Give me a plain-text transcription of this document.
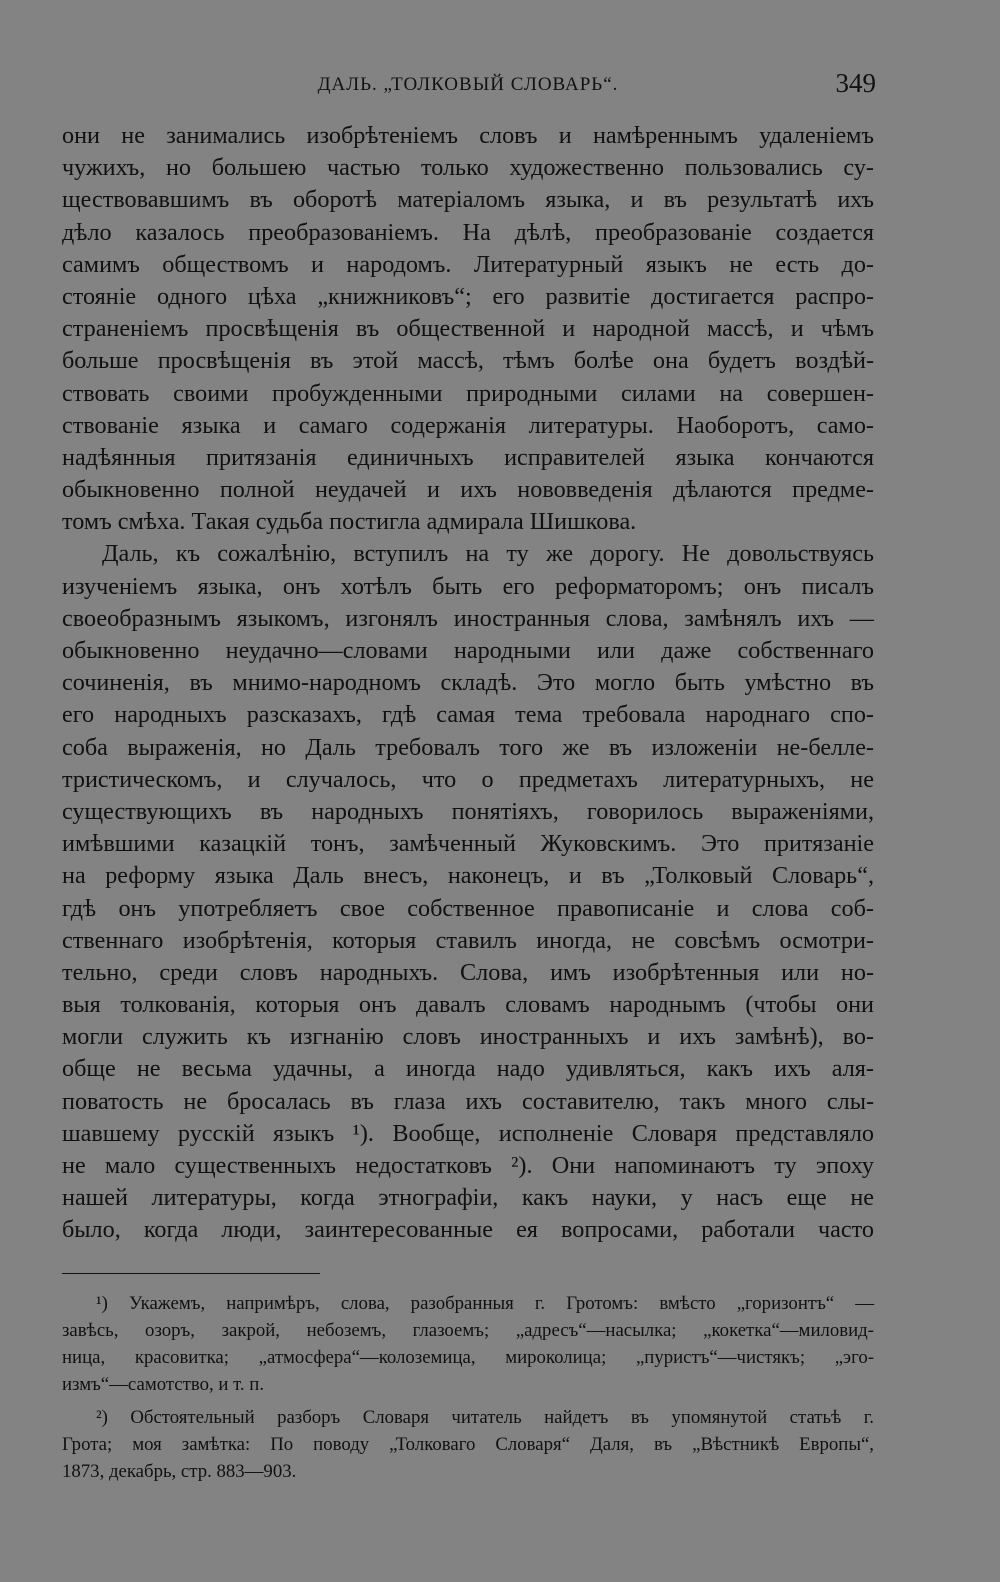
ДАЛЬ. „ТОЛКОВЫЙ СЛОВАРЬ“.	349
они не занимались изобрѣтеніемъ словъ и намѣреннымъ удаленіемъ
чужихъ, но большею частью только художественно пользовались су-
ществовавшимъ въ оборотѣ матеріаломъ языка, и въ результатѣ ихъ
дѣло казалось преобразованіемъ. На дѣлѣ, преобразованіе создается
самимъ обществомъ и народомъ. Литературный языкъ не есть до-
стояніе одного цѣха „книжниковъ“; его развитіе достигается распро-
страненіемъ просвѣщенія въ общественной и народной массѣ, и чѣмъ
больше просвѣщенія въ этой массѣ, тѣмъ болѣе она будетъ воздѣй-
ствовать своими пробужденными природными силами на совершен-
ствованіе языка и самаго содержанія литературы. Наоборотъ, само-
надѣянныя притязанія единичныхъ исправителей языка кончаются
обыкновенно полной неудачей и ихъ нововведенія дѣлаются предме-
томъ смѣха. Такая судьба постигла адмирала Шишкова.
Даль, къ сожалѣнію, вступилъ на ту же дорогу. Не довольствуясь
изученіемъ языка, онъ хотѣлъ быть его реформаторомъ; онъ писалъ
своеобразнымъ языкомъ, изгонялъ иностранныя слова, замѣнялъ ихъ —
обыкновенно неудачно—словами народными или даже собственнаго
сочиненія, въ мнимо-народномъ складѣ. Это могло быть умѣстно въ
его народныхъ разсказахъ, гдѣ самая тема требовала народнаго спо-
соба выраженія, но Даль требовалъ того же въ изложеніи не-белле-
тристическомъ, и случалось, что о предметахъ литературныхъ, не
существующихъ въ народныхъ понятіяхъ, говорилось выраженіями,
имѣвшими казацкій тонъ, замѣченный Жуковскимъ. Это притязаніе
на реформу языка Даль внесъ, наконецъ, и въ „Толковый Словарь“,
гдѣ онъ употребляетъ свое собственное правописаніе и слова соб-
ственнаго изобрѣтенія, которыя ставилъ иногда, не совсѣмъ осмотри-
тельно, среди словъ народныхъ. Слова, имъ изобрѣтенныя или но-
выя толкованія, которыя онъ давалъ словамъ народнымъ (чтобы они
могли служить къ изгнанію словъ иностранныхъ и ихъ замѣнѣ), во-
обще не весьма удачны, а иногда надо удивляться, какъ ихъ аля-
поватость не бросалась въ глаза ихъ составителю, такъ много слы-
шавшему русскій языкъ ¹). Вообще, исполненіе Словаря представляло
не мало существенныхъ недостатковъ ²). Они напоминаютъ ту эпоху
нашей литературы, когда этнографіи, какъ науки, у насъ еще не
было, когда люди, заинтересованные ея вопросами, работали часто
¹) Укажемъ, напримѣръ, слова, разобранныя г. Гротомъ: вмѣсто „горизонтъ“ —
завѣсь, озоръ, закрой, небоземъ, глазоемъ; „адресъ“—насылка; „кокетка“—миловид-
ница, красовитка; „атмосфера“—колоземица, мироколица; „пуристъ“—чистякъ; „эго-
измъ“—самотство, и т. п.
²) Обстоятельный разборъ Словаря читатель найдетъ въ упомянутой статьѣ г.
Грота; моя замѣтка: По поводу „Толковаго Словаря“ Даля, въ „Вѣстникѣ Европы“,
1873, декабрь, стр. 883—903.
